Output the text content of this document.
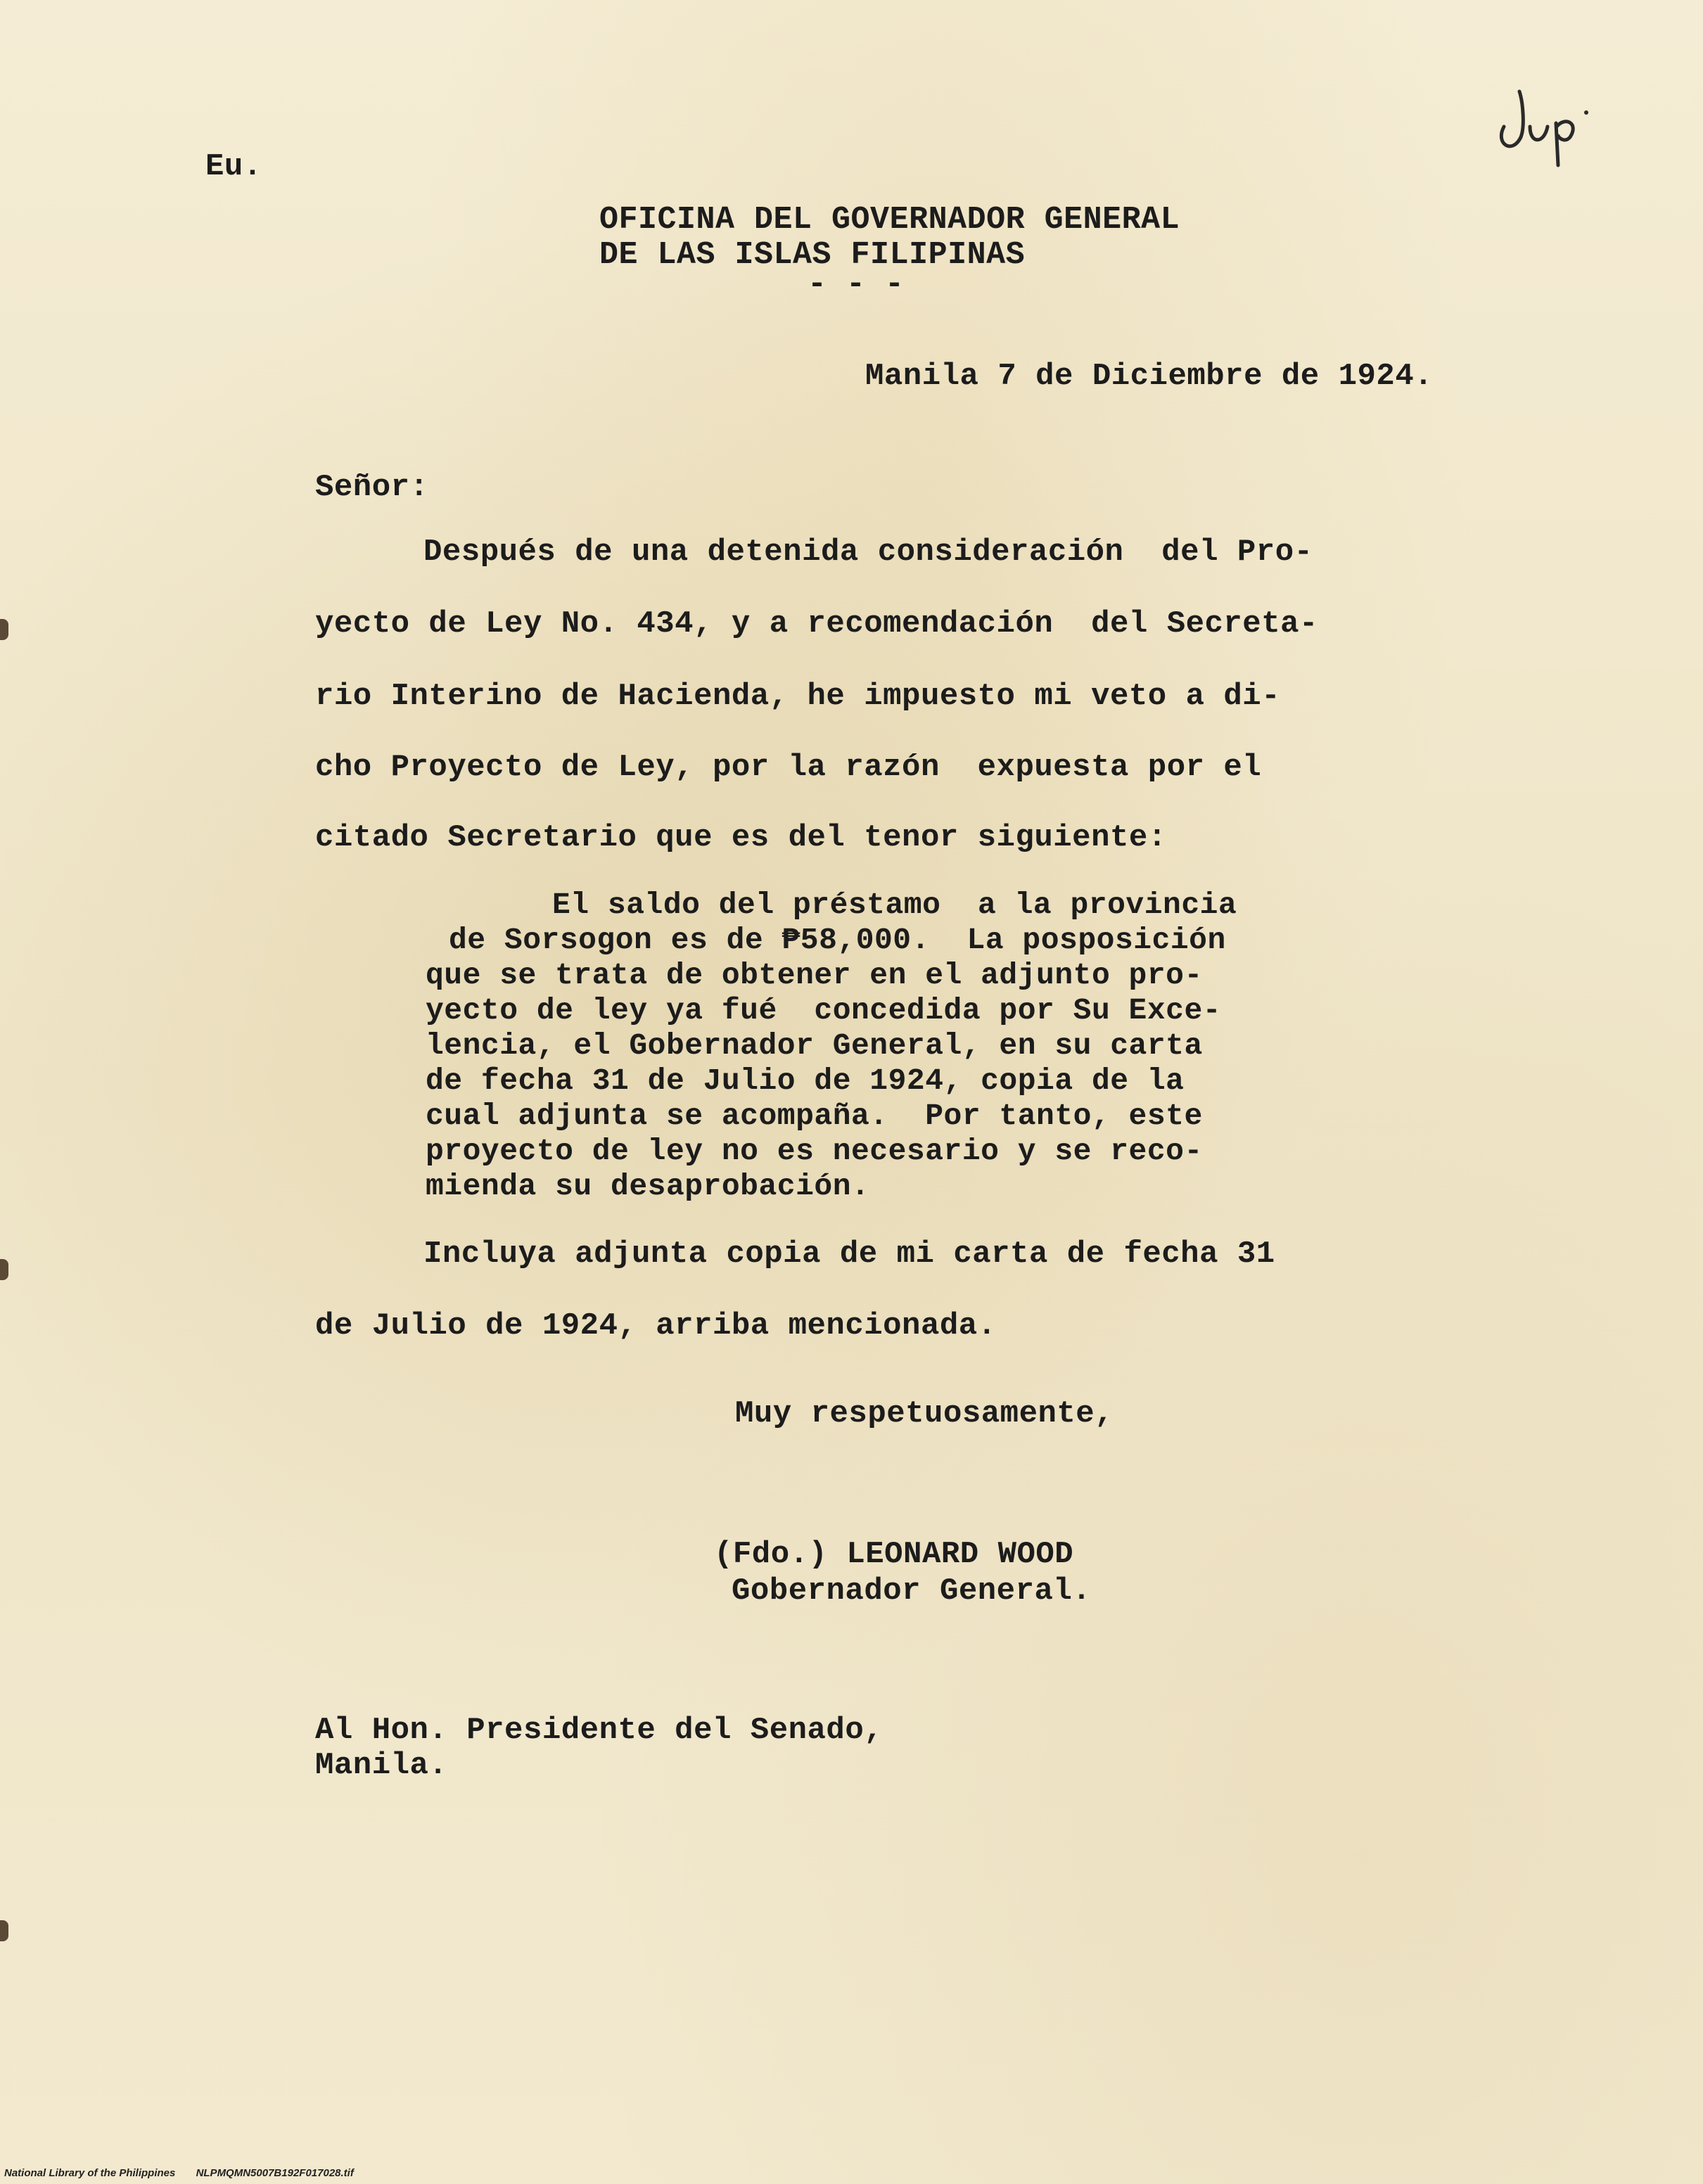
Eu.
OFICINA DEL GOVERNADOR GENERAL
DE LAS ISLAS FILIPINAS
- - -
Manila 7 de Diciembre de 1924.
Señor:
Después de una detenida consideración  del Pro-
yecto de Ley No. 434, y a recomendación  del Secreta-
rio Interino de Hacienda, he impuesto mi veto a di-
cho Proyecto de Ley, por la razón  expuesta por el
citado Secretario que es del tenor siguiente:
El saldo del préstamo  a la provincia
de Sorsogon es de ₱58,000.  La posposición
que se trata de obtener en el adjunto pro-
yecto de ley ya fué  concedida por Su Exce-
lencia, el Gobernador General, en su carta
de fecha 31 de Julio de 1924, copia de la
cual adjunta se acompaña.  Por tanto, este
proyecto de ley no es necesario y se reco-
mienda su desaprobación.
Incluya adjunta copia de mi carta de fecha 31
de Julio de 1924, arriba mencionada.
Muy respetuosamente,
(Fdo.) LEONARD WOOD
Gobernador General.
Al Hon. Presidente del Senado,
Manila.
National Library of the Philippines NLPMQMN5007B192F017028.tif
